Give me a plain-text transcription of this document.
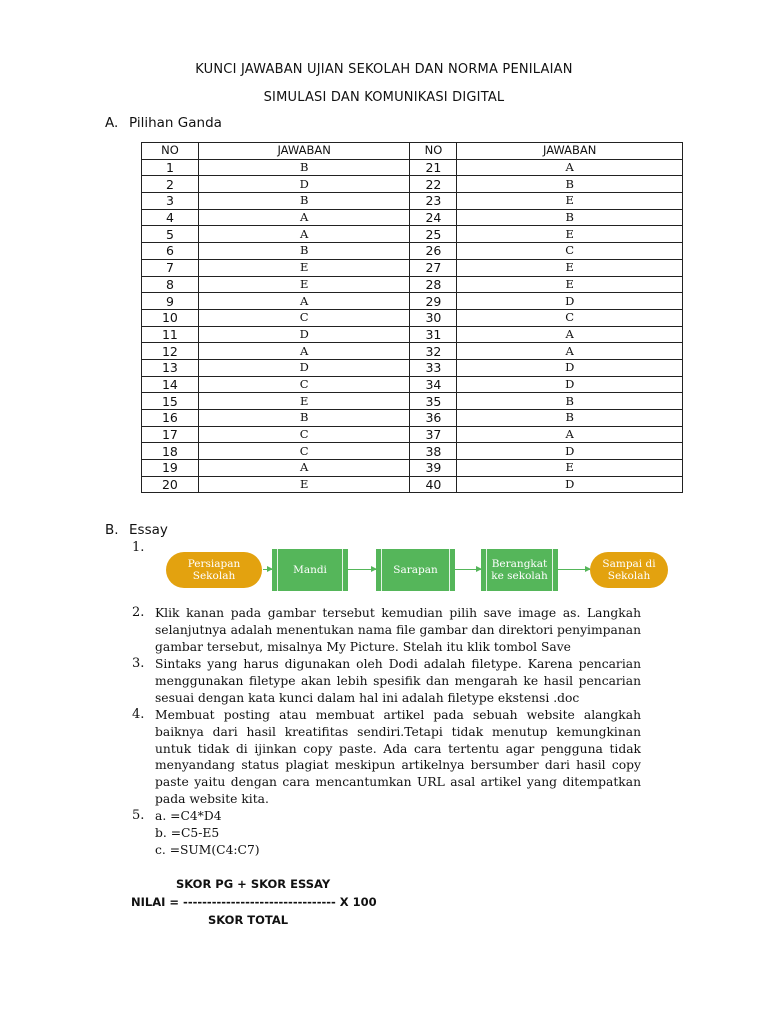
KUNCI JAWABAN UJIAN SEKOLAH DAN NORMA PENILAIAN
SIMULASI DAN KOMUNIKASI DIGITAL
A. Pilihan Ganda
NO	JAWABAN	NO	JAWABAN
1	B	21	A
2	D	22	B
3	B	23	E
4	A	24	B
5	A	25	E
6	B	26	C
7	E	27	E
8	E	28	E
9	A	29	D
10	C	30	C
11	D	31	A
12	A	32	A
13	D	33	D
14	C	34	D
15	E	35	B
16	B	36	B
17	C	37	A
18	C	38	D
19	A	39	E
20	E	40	D
B. Essay
1.
Persiapan
Sekolah	Mandi	Sarapan	Berangkat
ke sekolah
Sampai di
Sekolah
2. Klik kanan pada gambar tersebut kemudian pilih save image as. Langkah selanjutnya adalah menentukan nama file gambar dan direktori penyimpanan gambar tersebut, misalnya My Picture. Stelah itu klik tombol Save
3. Sintaks yang harus digunakan oleh Dodi adalah filetype. Karena pencarian menggunakan filetype akan lebih spesifik dan mengarah ke hasil pencarian sesuai dengan kata kunci dalam hal ini adalah filetype ekstensi .doc
4. Membuat posting atau membuat artikel pada sebuah website alangkah baiknya dari hasil kreatifitas sendiri.Tetapi tidak menutup kemungkinan untuk tidak di ijinkan copy paste. Ada cara tertentu agar pengguna tidak menyandang status plagiat meskipun artikelnya bersumber dari hasil copy paste yaitu dengan cara mencantumkan URL asal artikel yang ditempatkan pada website kita.
5. a. =C4*D4
b. =C5-E5
c. =SUM(C4:C7)
SKOR PG + SKOR ESSAY
NILAI = -------------------------------- X 100
SKOR TOTAL
